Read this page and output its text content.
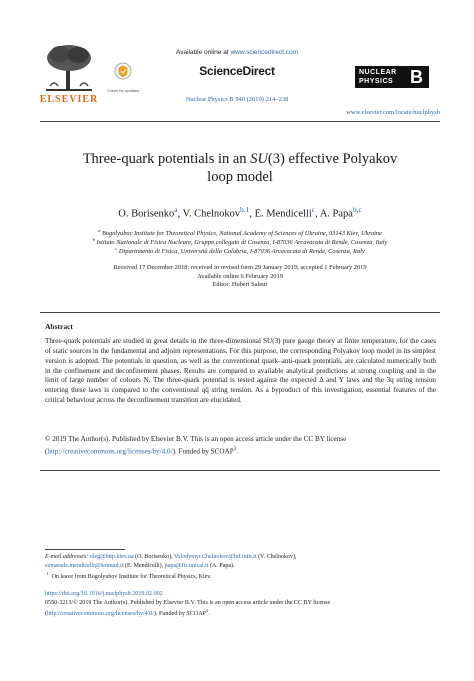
ELSEVIER
Check for updates
Available online at www.sciencedirect.com
ScienceDirect
Nuclear Physics B 940 (2019) 214–238
NUCLEAR
PHYSICS B
www.elsevier.com/locate/nuclphysb
Three-quark potentials in an SU(3) effective Polyakov
loop model
O. Borisenko$^a$, V. Chelnokov$^{b,1}$, E. Mendicelli$^c$, A. Papa$^{b,c}$
$^a$ Bogolyubov Institute for Theoretical Physics, National Academy of Sciences of Ukraine, 03143 Kiev, Ukraine
$^b$ Istituto Nazionale di Fisica Nucleare, Gruppo collegato di Cosenza, I-87036 Arcavacata di Rende, Cosenza, Italy
$^c$ Dipartimento di Fisica, Università della Calabria, I-87036 Arcavacata di Rende, Cosenza, Italy
Received 17 December 2018; received in revised form 29 January 2019; accepted 1 February 2019
Available online 6 February 2019
Editor: Hubert Saleur
Abstract
Three-quark potentials are studied in great details in the three-dimensional SU(3) pure gauge theory at finite temperature, for the cases of static sources in the fundamental and adjoint representations. For this purpose, the corresponding Polyakov loop model in its simplest version is adopted. The potentials in question, as well as the conventional quark–anti-quark potentials, are calculated numerically both in the confinement and deconfinement phases. Results are compared to available analytical predictions at strong coupling and in the limit of large number of colours N. The three-quark potential is tested against the expected Δ and Y laws and the 3q string tension entering these laws is compared to the conventional qq̄ string tension. As a byproduct of this investigation, essential features of the critical behaviour across the deconfinement transition are elucidated.
© 2019 The Author(s). Published by Elsevier B.V. This is an open access article under the CC BY license
(http://creativecommons.org/licenses/by/4.0/). Funded by SCOAP$^3$.
E-mail addresses: oleg@bitp.kiev.ua (O. Borisenko), Volodymyr.Chelnokov@lnf.infn.it (V. Chelnokov),
ezmaoule.mendicelli@hotmail.it (E. Mendicelli), papa@fis.unical.it (A. Papa).
$^1$  On leave from Bogolyubov Institute for Theoretical Physics, Kiev.
https://doi.org/10.1016/j.nuclphysb.2019.02.002
0550-3213/© 2019 The Author(s). Published by Elsevier B.V. This is an open access article under the CC BY license
(http://creativecommons.org/licenses/by/4.0/). Funded by SCOAP$^3$.
